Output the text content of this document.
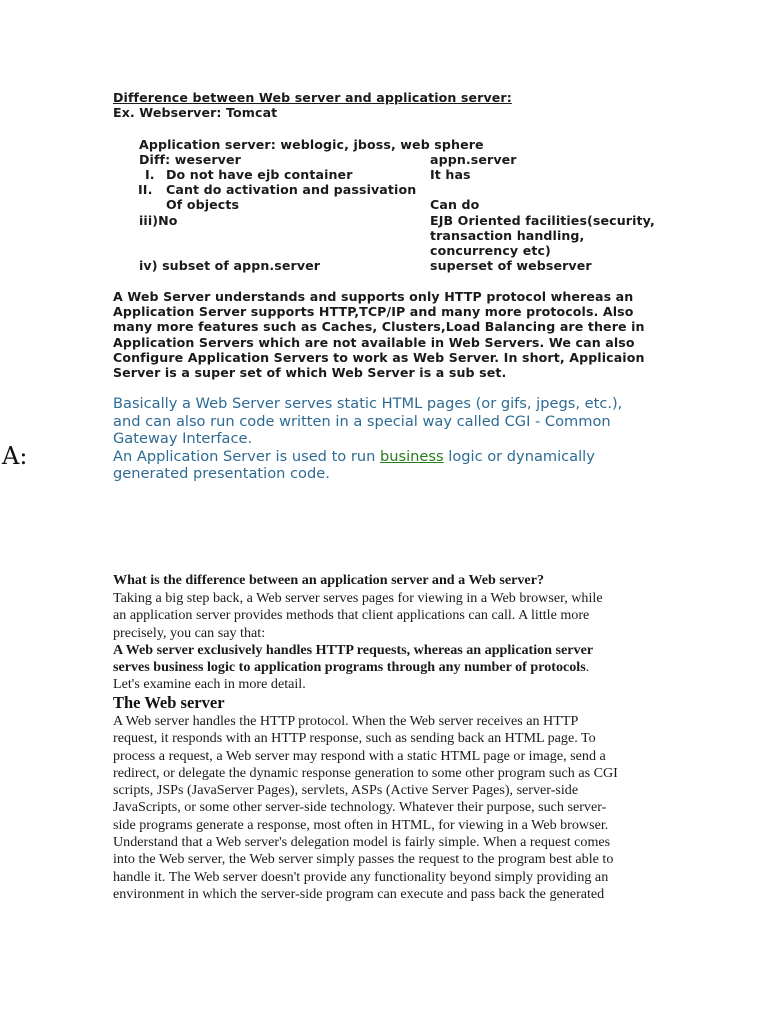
Difference between Web server and application server:
Ex. Webserver: Tomcat
Application server: weblogic, jboss, web sphere
Diff: weserver	appn.server
I. Do not have ejb container	It has
II. Cant do activation and passivation
Of objects	Can do
iii)No	EJB Oriented facilities(security,
transaction handling,
concurrency etc)
iv) subset of appn.server	superset of webserver
A Web Server understands and supports only HTTP protocol whereas an
Application Server supports HTTP,TCP/IP and many more protocols. Also
many more features such as Caches, Clusters,Load Balancing are there in
Application Servers which are not available in Web Servers. We can also
Configure Application Servers to work as Web Server. In short, Applicaion
Server is a super set of which Web Server is a sub set.
A:
Basically a Web Server serves static HTML pages (or gifs, jpegs, etc.),
and can also run code written in a special way called CGI - Common
Gateway Interface.
An Application Server is used to run business logic or dynamically
generated presentation code.
What is the difference between an application server and a Web server?
Taking a big step back, a Web server serves pages for viewing in a Web browser, while
an application server provides methods that client applications can call. A little more
precisely, you can say that:
A Web server exclusively handles HTTP requests, whereas an application server
serves business logic to application programs through any number of protocols.
Let's examine each in more detail.
The Web server
A Web server handles the HTTP protocol. When the Web server receives an HTTP
request, it responds with an HTTP response, such as sending back an HTML page. To
process a request, a Web server may respond with a static HTML page or image, send a
redirect, or delegate the dynamic response generation to some other program such as CGI
scripts, JSPs (JavaServer Pages), servlets, ASPs (Active Server Pages), server-side
JavaScripts, or some other server-side technology. Whatever their purpose, such server-
side programs generate a response, most often in HTML, for viewing in a Web browser.
Understand that a Web server's delegation model is fairly simple. When a request comes
into the Web server, the Web server simply passes the request to the program best able to
handle it. The Web server doesn't provide any functionality beyond simply providing an
environment in which the server-side program can execute and pass back the generated
